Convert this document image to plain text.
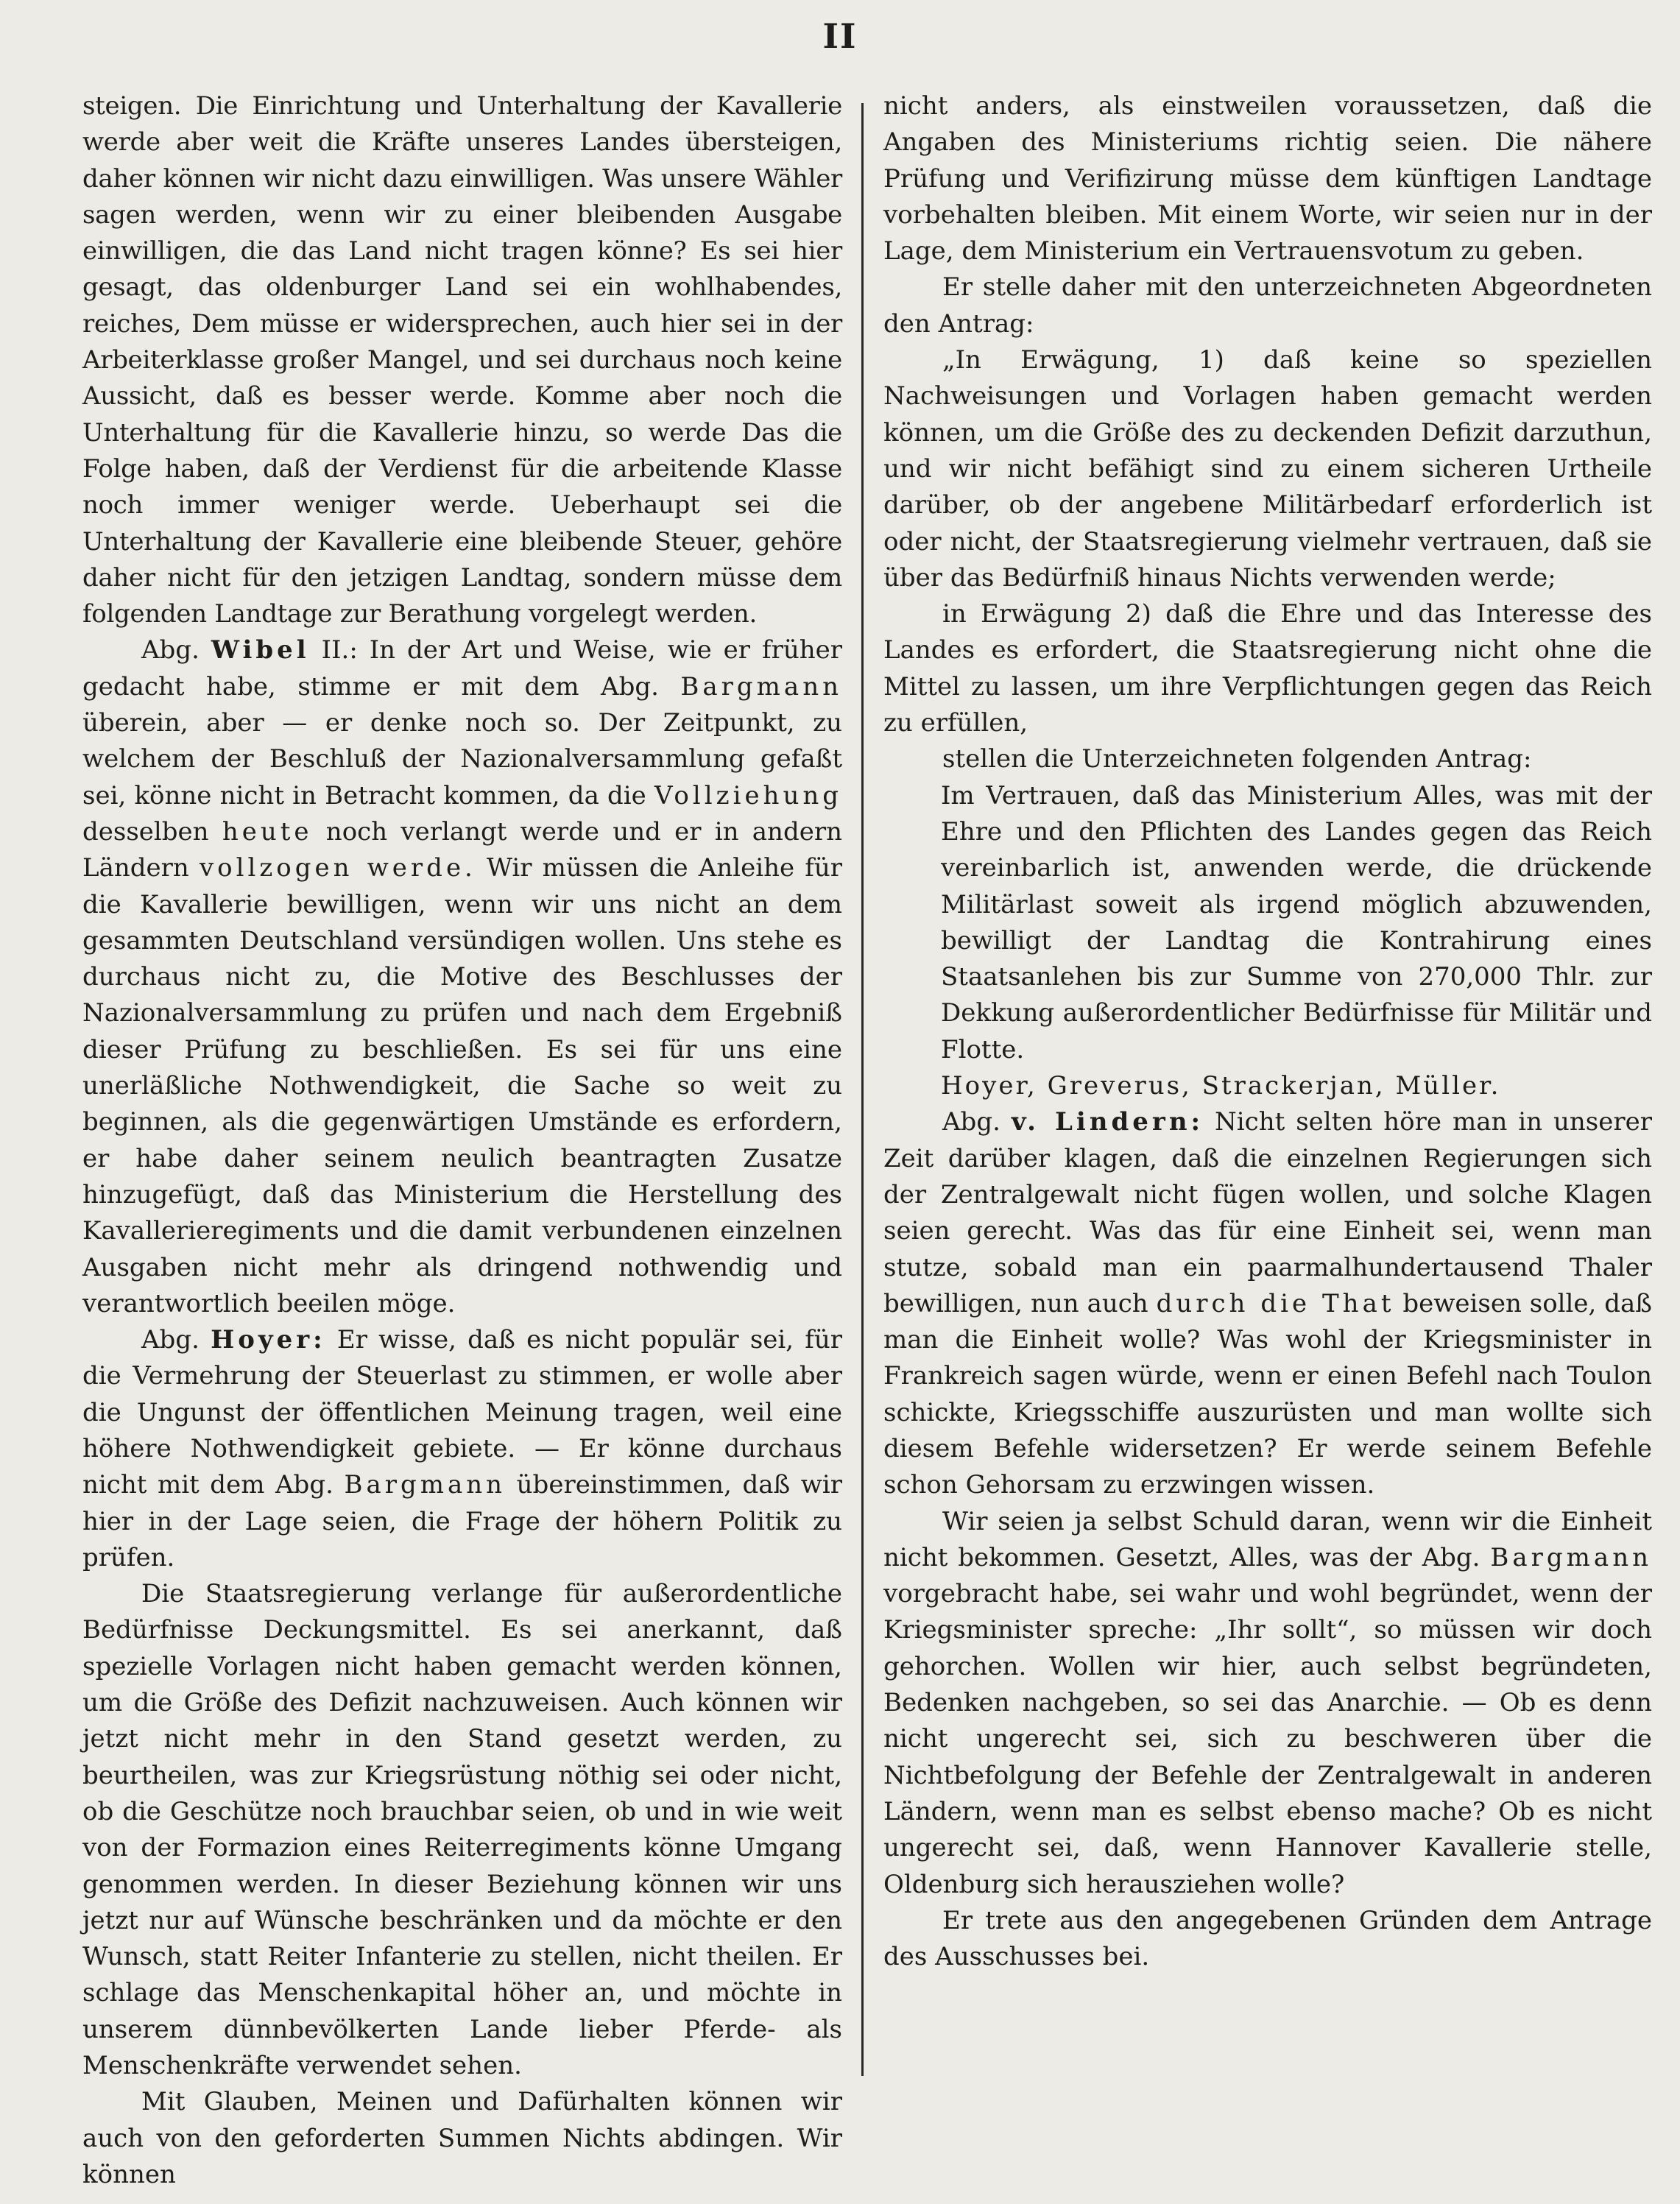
II

steigen. Die Einrichtung und Unterhaltung der Kavallerie werde aber weit die Kräfte unseres Landes übersteigen, daher können wir nicht dazu einwilligen. Was unsere Wähler sagen werden, wenn wir zu einer bleibenden Ausgabe einwilligen, die das Land nicht tragen könne? Es sei hier gesagt, das oldenburger Land sei ein wohlhabendes, reiches, Dem müsse er widersprechen, auch hier sei in der Arbeiterklasse großer Mangel, und sei durchaus noch keine Aussicht, daß es besser werde. Komme aber noch die Unterhaltung für die Kavallerie hinzu, so werde Das die Folge haben, daß der Verdienst für die arbeitende Klasse noch immer weniger werde. Ueberhaupt sei die Unterhaltung der Kavallerie eine bleibende Steuer, gehöre daher nicht für den jetzigen Landtag, sondern müsse dem folgenden Landtage zur Berathung vorgelegt werden.

Abg. Wibel II.: In der Art und Weise, wie er früher gedacht habe, stimme er mit dem Abg. Bargmann überein, aber — er denke noch so. Der Zeitpunkt, zu welchem der Beschluß der Nazionalversammlung gefaßt sei, könne nicht in Betracht kommen, da die Vollziehung desselben heute noch verlangt werde und er in andern Ländern vollzogen werde. Wir müssen die Anleihe für die Kavallerie bewilligen, wenn wir uns nicht an dem gesammten Deutschland versündigen wollen. Uns stehe es durchaus nicht zu, die Motive des Beschlusses der Nazionalversammlung zu prüfen und nach dem Ergebniß dieser Prüfung zu beschließen. Es sei für uns eine unerläßliche Nothwendigkeit, die Sache so weit zu beginnen, als die gegenwärtigen Umstände es erfordern, er habe daher seinem neulich beantragten Zusatze hinzugefügt, daß das Ministerium die Herstellung des Kavallerieregiments und die damit verbundenen einzelnen Ausgaben nicht mehr als dringend nothwendig und verantwortlich beeilen möge.

Abg. Hoyer: Er wisse, daß es nicht populär sei, für die Vermehrung der Steuerlast zu stimmen, er wolle aber die Ungunst der öffentlichen Meinung tragen, weil eine höhere Nothwendigkeit gebiete. — Er könne durchaus nicht mit dem Abg. Bargmann übereinstimmen, daß wir hier in der Lage seien, die Frage der höhern Politik zu prüfen.

Die Staatsregierung verlange für außerordentliche Bedürfnisse Deckungsmittel. Es sei anerkannt, daß spezielle Vorlagen nicht haben gemacht werden können, um die Größe des Defizit nachzuweisen. Auch können wir jetzt nicht mehr in den Stand gesetzt werden, zu beurtheilen, was zur Kriegsrüstung nöthig sei oder nicht, ob die Geschütze noch brauchbar seien, ob und in wie weit von der Formazion eines Reiterregiments könne Umgang genommen werden. In dieser Beziehung können wir uns jetzt nur auf Wünsche beschränken und da möchte er den Wunsch, statt Reiter Infanterie zu stellen, nicht theilen. Er schlage das Menschenkapital höher an, und möchte in unserem dünnbevölkerten Lande lieber Pferde- als Menschenkräfte verwendet sehen.

Mit Glauben, Meinen und Dafürhalten können wir auch von den geforderten Summen Nichts abdingen. Wir können

nicht anders, als einstweilen voraussetzen, daß die Angaben des Ministeriums richtig seien. Die nähere Prüfung und Verifizirung müsse dem künftigen Landtage vorbehalten bleiben. Mit einem Worte, wir seien nur in der Lage, dem Ministerium ein Vertrauensvotum zu geben.

Er stelle daher mit den unterzeichneten Abgeordneten den Antrag:

„In Erwägung, 1) daß keine so speziellen Nachweisungen und Vorlagen haben gemacht werden können, um die Größe des zu deckenden Defizit darzuthun, und wir nicht befähigt sind zu einem sicheren Urtheile darüber, ob der angebene Militärbedarf erforderlich ist oder nicht, der Staatsregierung vielmehr vertrauen, daß sie über das Bedürfniß hinaus Nichts verwenden werde;

in Erwägung 2) daß die Ehre und das Interesse des Landes es erfordert, die Staatsregierung nicht ohne die Mittel zu lassen, um ihre Verpflichtungen gegen das Reich zu erfüllen,

stellen die Unterzeichneten folgenden Antrag:

Im Vertrauen, daß das Ministerium Alles, was mit der Ehre und den Pflichten des Landes gegen das Reich vereinbarlich ist, anwenden werde, die drückende Militärlast soweit als irgend möglich abzuwenden, bewilligt der Landtag die Kontrahirung eines Staatsanlehen bis zur Summe von 270,000 Thlr. zur Dekkung außerordentlicher Bedürfnisse für Militär und Flotte.

Hoyer, Greverus, Strackerjan, Müller.

Abg. v. Lindern: Nicht selten höre man in unserer Zeit darüber klagen, daß die einzelnen Regierungen sich der Zentralgewalt nicht fügen wollen, und solche Klagen seien gerecht. Was das für eine Einheit sei, wenn man stutze, sobald man ein paarmalhundertausend Thaler bewilligen, nun auch durch die That beweisen solle, daß man die Einheit wolle? Was wohl der Kriegsminister in Frankreich sagen würde, wenn er einen Befehl nach Toulon schickte, Kriegsschiffe auszurüsten und man wollte sich diesem Befehle widersetzen? Er werde seinem Befehle schon Gehorsam zu erzwingen wissen.

Wir seien ja selbst Schuld daran, wenn wir die Einheit nicht bekommen. Gesetzt, Alles, was der Abg. Bargmann vorgebracht habe, sei wahr und wohl begründet, wenn der Kriegsminister spreche: „Ihr sollt“, so müssen wir doch gehorchen. Wollen wir hier, auch selbst begründeten, Bedenken nachgeben, so sei das Anarchie. — Ob es denn nicht ungerecht sei, sich zu beschweren über die Nichtbefolgung der Befehle der Zentralgewalt in anderen Ländern, wenn man es selbst ebenso mache? Ob es nicht ungerecht sei, daß, wenn Hannover Kavallerie stelle, Oldenburg sich herausziehen wolle?

Er trete aus den angegebenen Gründen dem Antrage des Ausschusses bei.
